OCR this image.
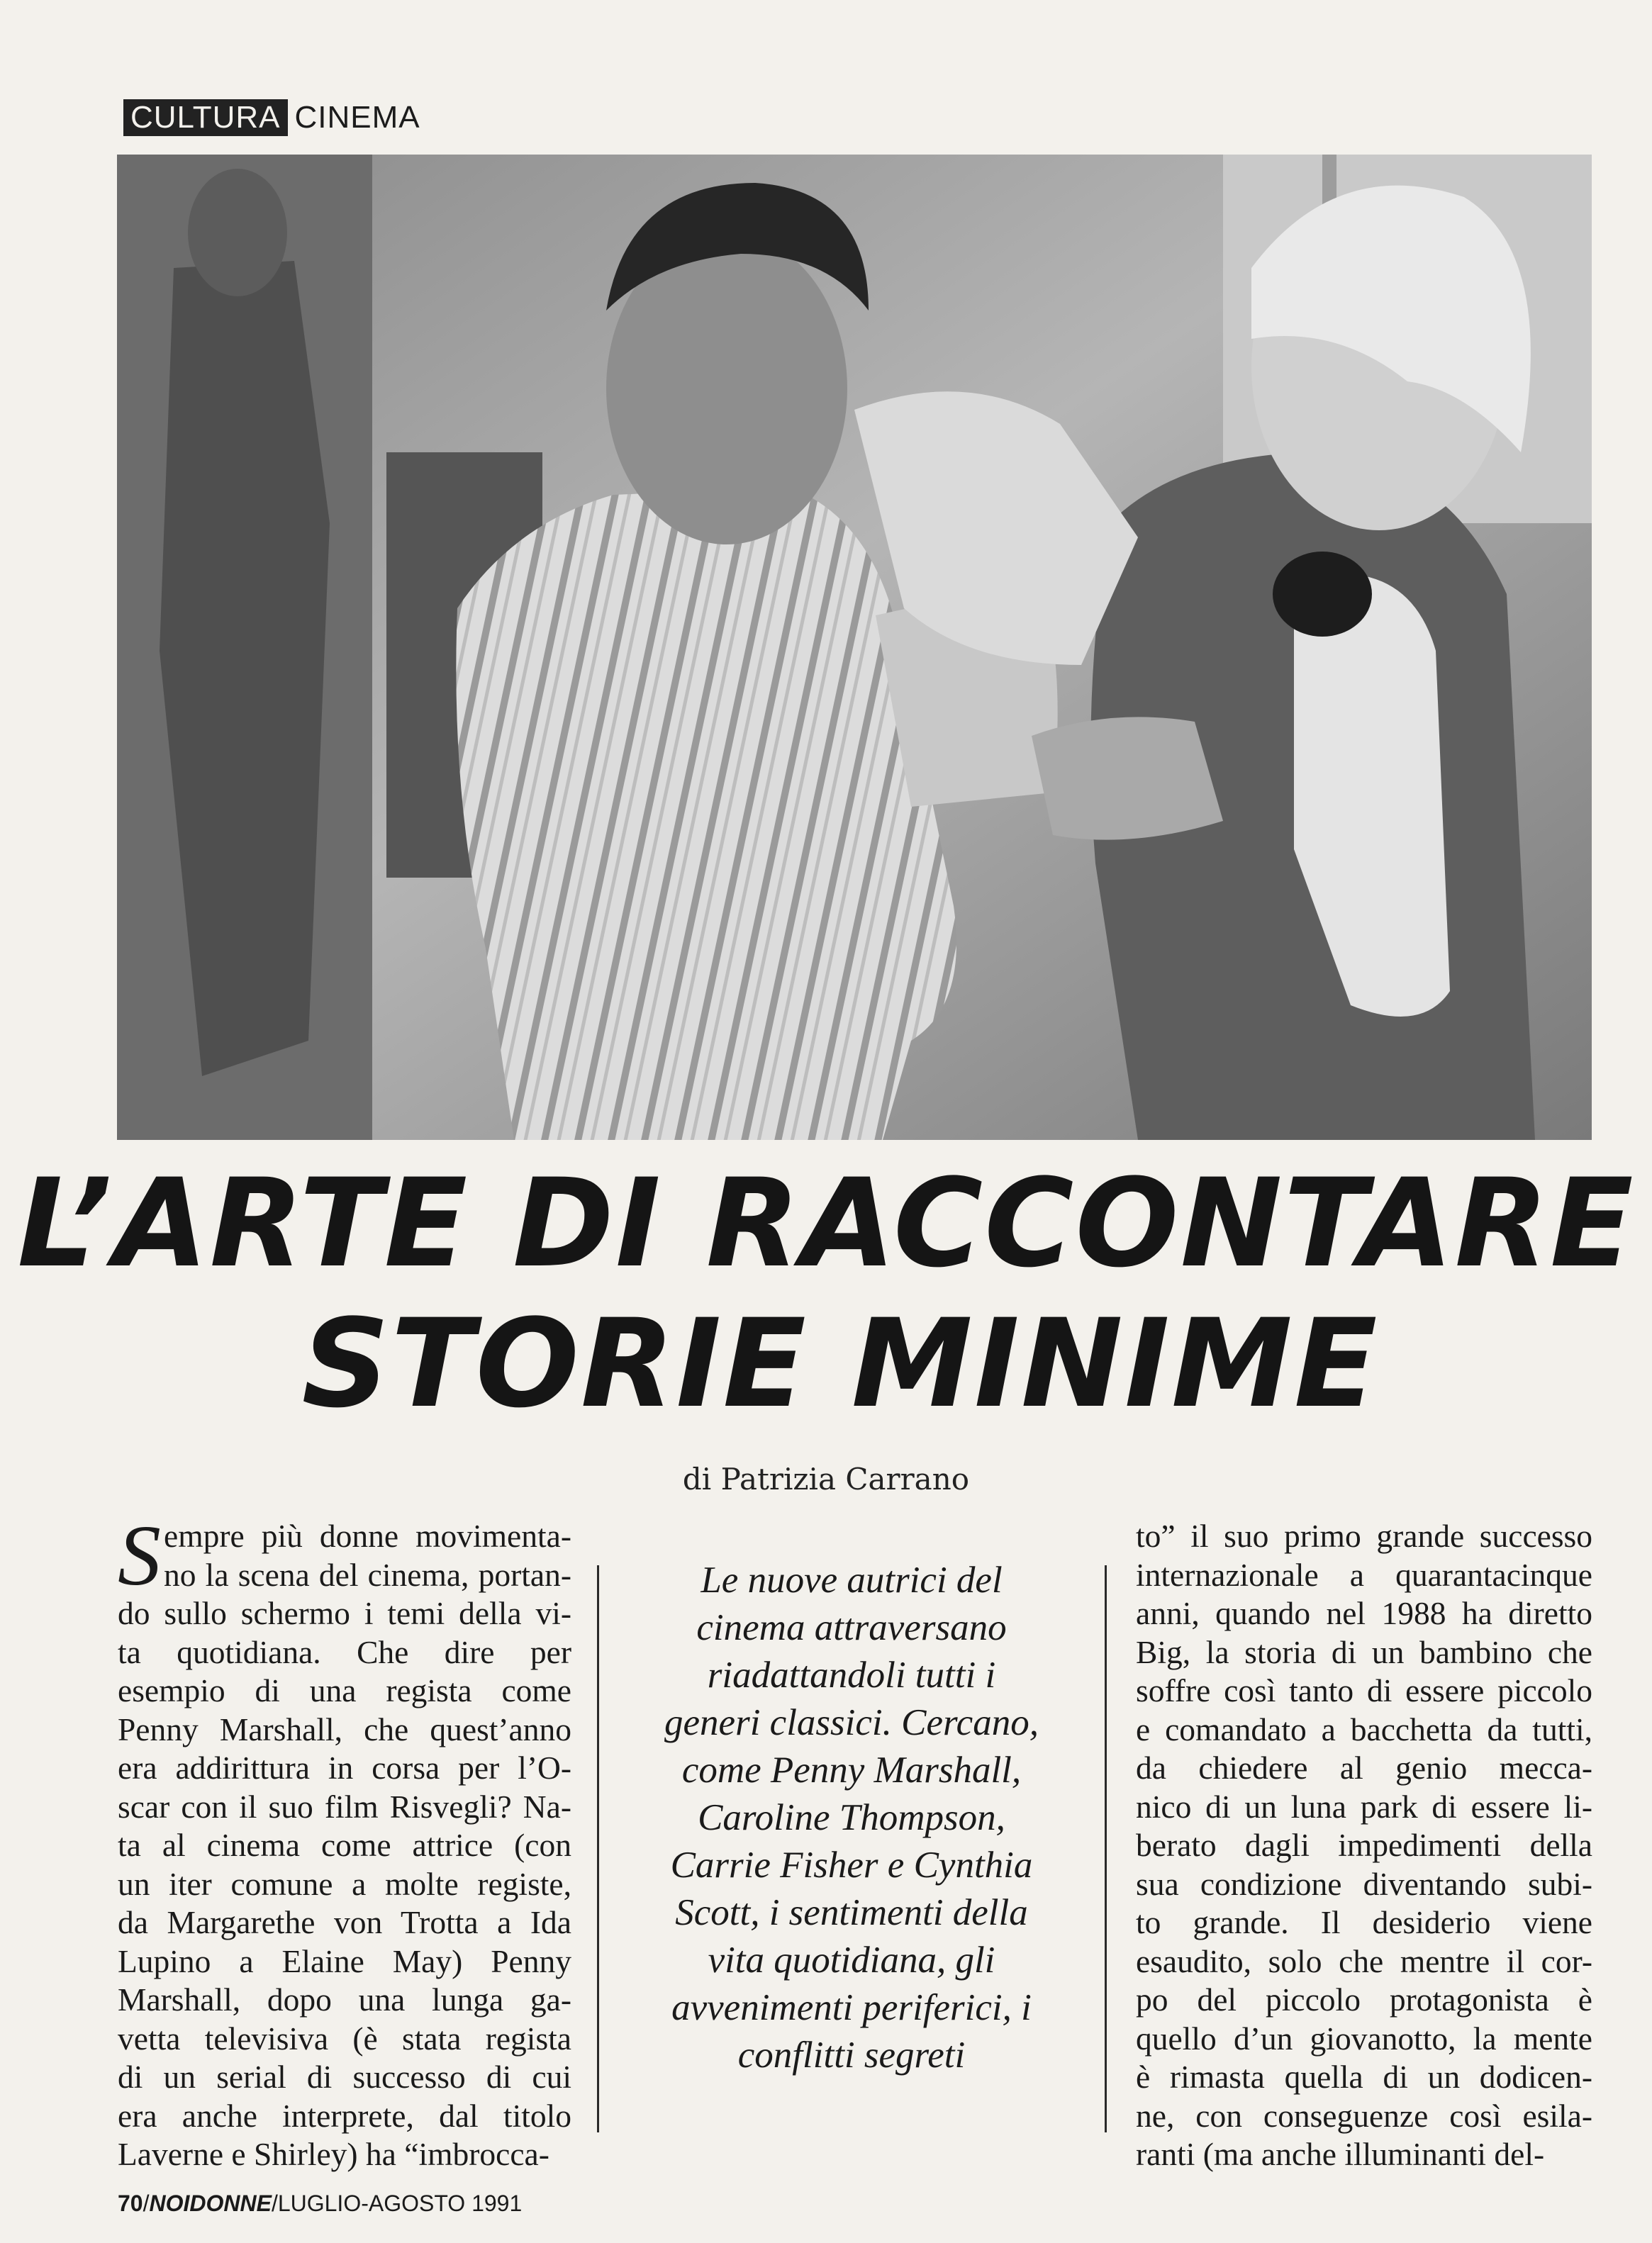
CULTURA CINEMA
L’ARTE DI RACCONTARE
STORIE MINIME
di Patrizia Carrano
S empre più donne movimenta-
no la scena del cinema, portan-
do sullo schermo i temi della vi-
ta quotidiana. Che dire per
esempio di una regista come
Penny Marshall, che quest’anno
era addirittura in corsa per l’O-
scar con il suo film Risvegli? Na-
ta al cinema come attrice (con
un iter comune a molte registe,
da Margarethe von Trotta a Ida
Lupino a Elaine May) Penny
Marshall, dopo una lunga ga-
vetta televisiva (è stata regista
di un serial di successo di cui
era anche interprete, dal titolo
Laverne e Shirley) ha “imbrocca-
Le nuove autrici del
cinema attraversano
riadattandoli tutti i
generi classici. Cercano,
come Penny Marshall,
Caroline Thompson,
Carrie Fisher e Cynthia
Scott, i sentimenti della
vita quotidiana, gli
avvenimenti periferici, i
conflitti segreti
to” il suo primo grande successo
internazionale a quarantacinque
anni, quando nel 1988 ha diretto
Big, la storia di un bambino che
soffre così tanto di essere piccolo
e comandato a bacchetta da tutti,
da chiedere al genio mecca-
nico di un luna park di essere li-
berato dagli impedimenti della
sua condizione diventando subi-
to grande. Il desiderio viene
esaudito, solo che mentre il cor-
po del piccolo protagonista è
quello d’un giovanotto, la mente
è rimasta quella di un dodicen-
ne, con conseguenze così esila-
ranti (ma anche illuminanti del-
70/NOIDONNE/LUGLIO-AGOSTO 1991
